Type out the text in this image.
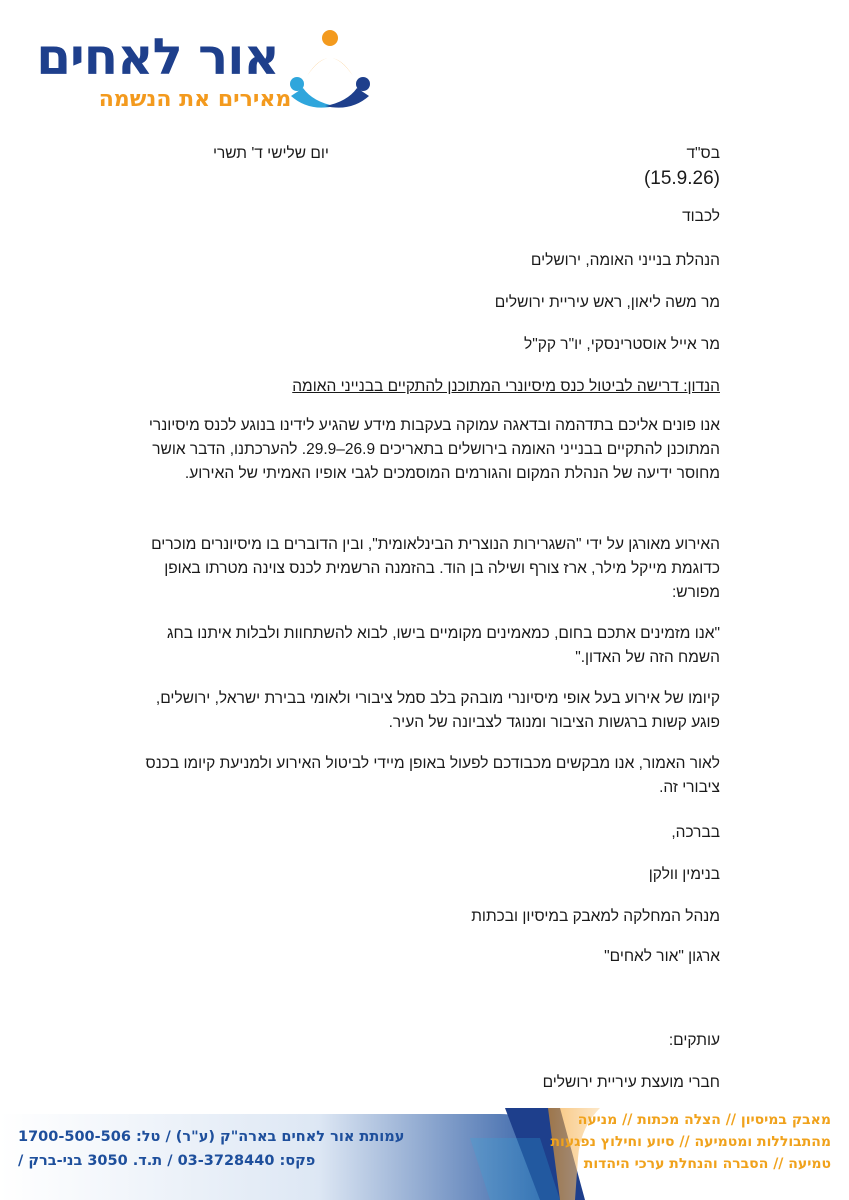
אור לאחים
מאירים את הנשמה
בס"ד
יום שלישי ד' תשרי
(15.9.26)
לכבוד
הנהלת בנייני האומה, ירושלים
מר משה ליאון, ראש עיריית ירושלים
מר אייל אוסטרינסקי, יו"ר קק"ל
הנדון: דרישה לביטול כנס מיסיונרי המתוכנן להתקיים בבנייני האומה
אנו פונים אליכם בתדהמה ובדאגה עמוקה בעקבות מידע שהגיע לידינו בנוגע לכנס מיסיונרי המתוכנן להתקיים בבנייני האומה בירושלים בתאריכים 26.9–29.9. להערכתנו, הדבר אושר מחוסר ידיעה של הנהלת המקום והגורמים המוסמכים לגבי אופיו האמיתי של האירוע.
האירוע מאורגן על ידי "השגרירות הנוצרית הבינלאומית", ובין הדוברים בו מיסיונרים מוכרים כדוגמת מייקל מילר, ארז צורף ושילה בן הוד. בהזמנה הרשמית לכנס צוינה מטרתו באופן מפורש:
"אנו מזמינים אתכם בחום, כמאמינים מקומיים בישו, לבוא להשתחוות ולבלות איתנו בחג השמח הזה של האדון."
קיומו של אירוע בעל אופי מיסיונרי מובהק בלב סמל ציבורי ולאומי בבירת ישראל, ירושלים, פוגע קשות ברגשות הציבור ומנוגד לצביונה של העיר.
לאור האמור, אנו מבקשים מכבודכם לפעול באופן מיידי לביטול האירוע ולמניעת קיומו בכנס ציבורי זה.
בברכה,
בנימין וולקן
מנהל המחלקה למאבק במיסיון ובכתות
ארגון "אור לאחים"
עותקים:
חברי מועצת עיריית ירושלים
עמותת אור לאחים בארה"ק (ע"ר) / טל: 1700-500-506
פקס: 03-3728440 / ת.ד. 3050 בני-ברק /
מאבק במיסיון // הצלה מכתות // מניעה
מהתבוללות ומטמיעה // סיוע וחילוץ נפגעות
טמיעה // הסברה והנחלת ערכי היהדות
